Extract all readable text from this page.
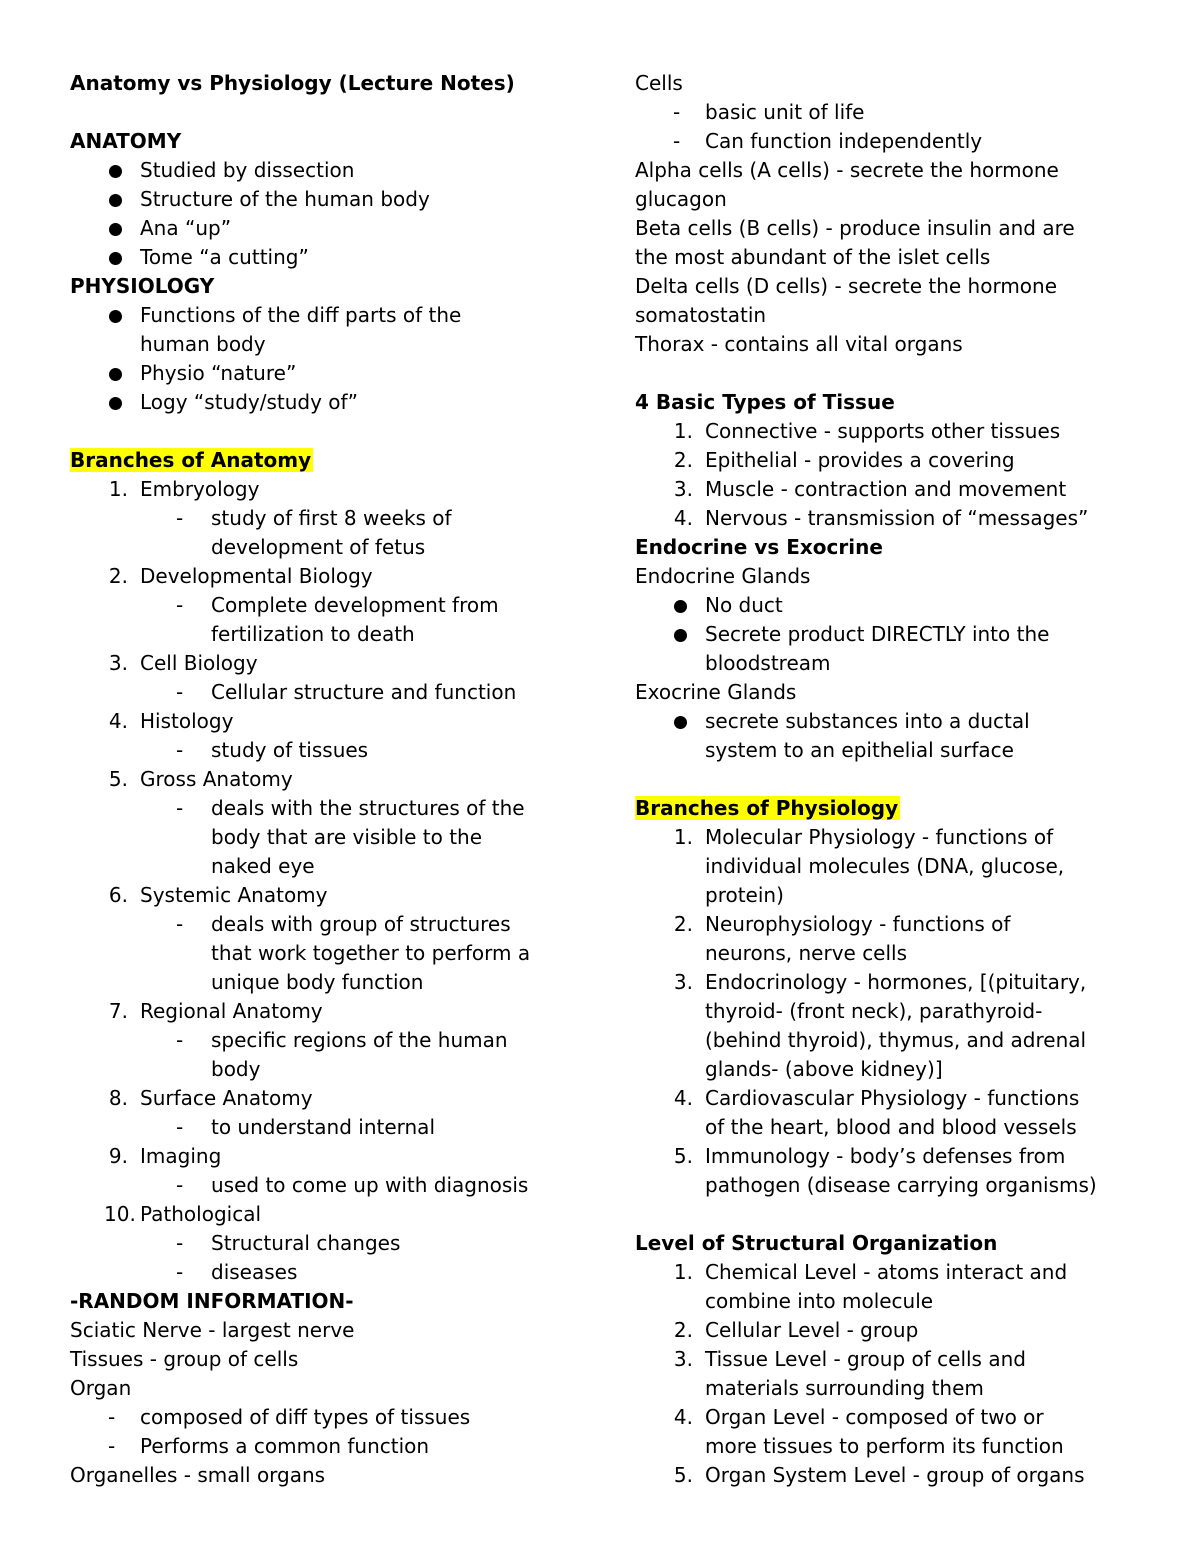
Anatomy vs Physiology (Lecture Notes)
ANATOMY
Studied by dissection
Structure of the human body
Ana “up”
Tome “a cutting”
PHYSIOLOGY
Functions of the diff parts of the
human body
Physio “nature”
Logy “study/study of”
Branches of Anatomy
1. Embryology
- study of first 8 weeks of
development of fetus
2. Developmental Biology
- Complete development from
fertilization to death
3. Cell Biology
- Cellular structure and function
4. Histology
- study of tissues
5. Gross Anatomy
- deals with the structures of the
body that are visible to the
naked eye
6. Systemic Anatomy
- deals with group of structures
that work together to perform a
unique body function
7. Regional Anatomy
- specific regions of the human
body
8. Surface Anatomy
- to understand internal
9. Imaging
- used to come up with diagnosis
10. Pathological
- Structural changes
- diseases
-RANDOM INFORMATION-
Sciatic Nerve - largest nerve
Tissues - group of cells
Organ
- composed of diff types of tissues
- Performs a common function
Organelles - small organs
Cells
- basic unit of life
- Can function independently
Alpha cells (A cells) - secrete the hormone
glucagon
Beta cells (B cells) - produce insulin and are
the most abundant of the islet cells
Delta cells (D cells) - secrete the hormone
somatostatin
Thorax - contains all vital organs
4 Basic Types of Tissue
1. Connective - supports other tissues
2. Epithelial - provides a covering
3. Muscle - contraction and movement
4. Nervous - transmission of “messages”
Endocrine vs Exocrine
Endocrine Glands
No duct
Secrete product DIRECTLY into the
bloodstream
Exocrine Glands
secrete substances into a ductal
system to an epithelial surface
Branches of Physiology
1. Molecular Physiology - functions of
individual molecules (DNA, glucose,
protein)
2. Neurophysiology - functions of
neurons, nerve cells
3. Endocrinology - hormones, [(pituitary,
thyroid- (front neck), parathyroid-
(behind thyroid), thymus, and adrenal
glands- (above kidney)]
4. Cardiovascular Physiology - functions
of the heart, blood and blood vessels
5. Immunology - body’s defenses from
pathogen (disease carrying organisms)
Level of Structural Organization
1. Chemical Level - atoms interact and
combine into molecule
2. Cellular Level - group
3. Tissue Level - group of cells and
materials surrounding them
4. Organ Level - composed of two or
more tissues to perform its function
5. Organ System Level - group of organs
